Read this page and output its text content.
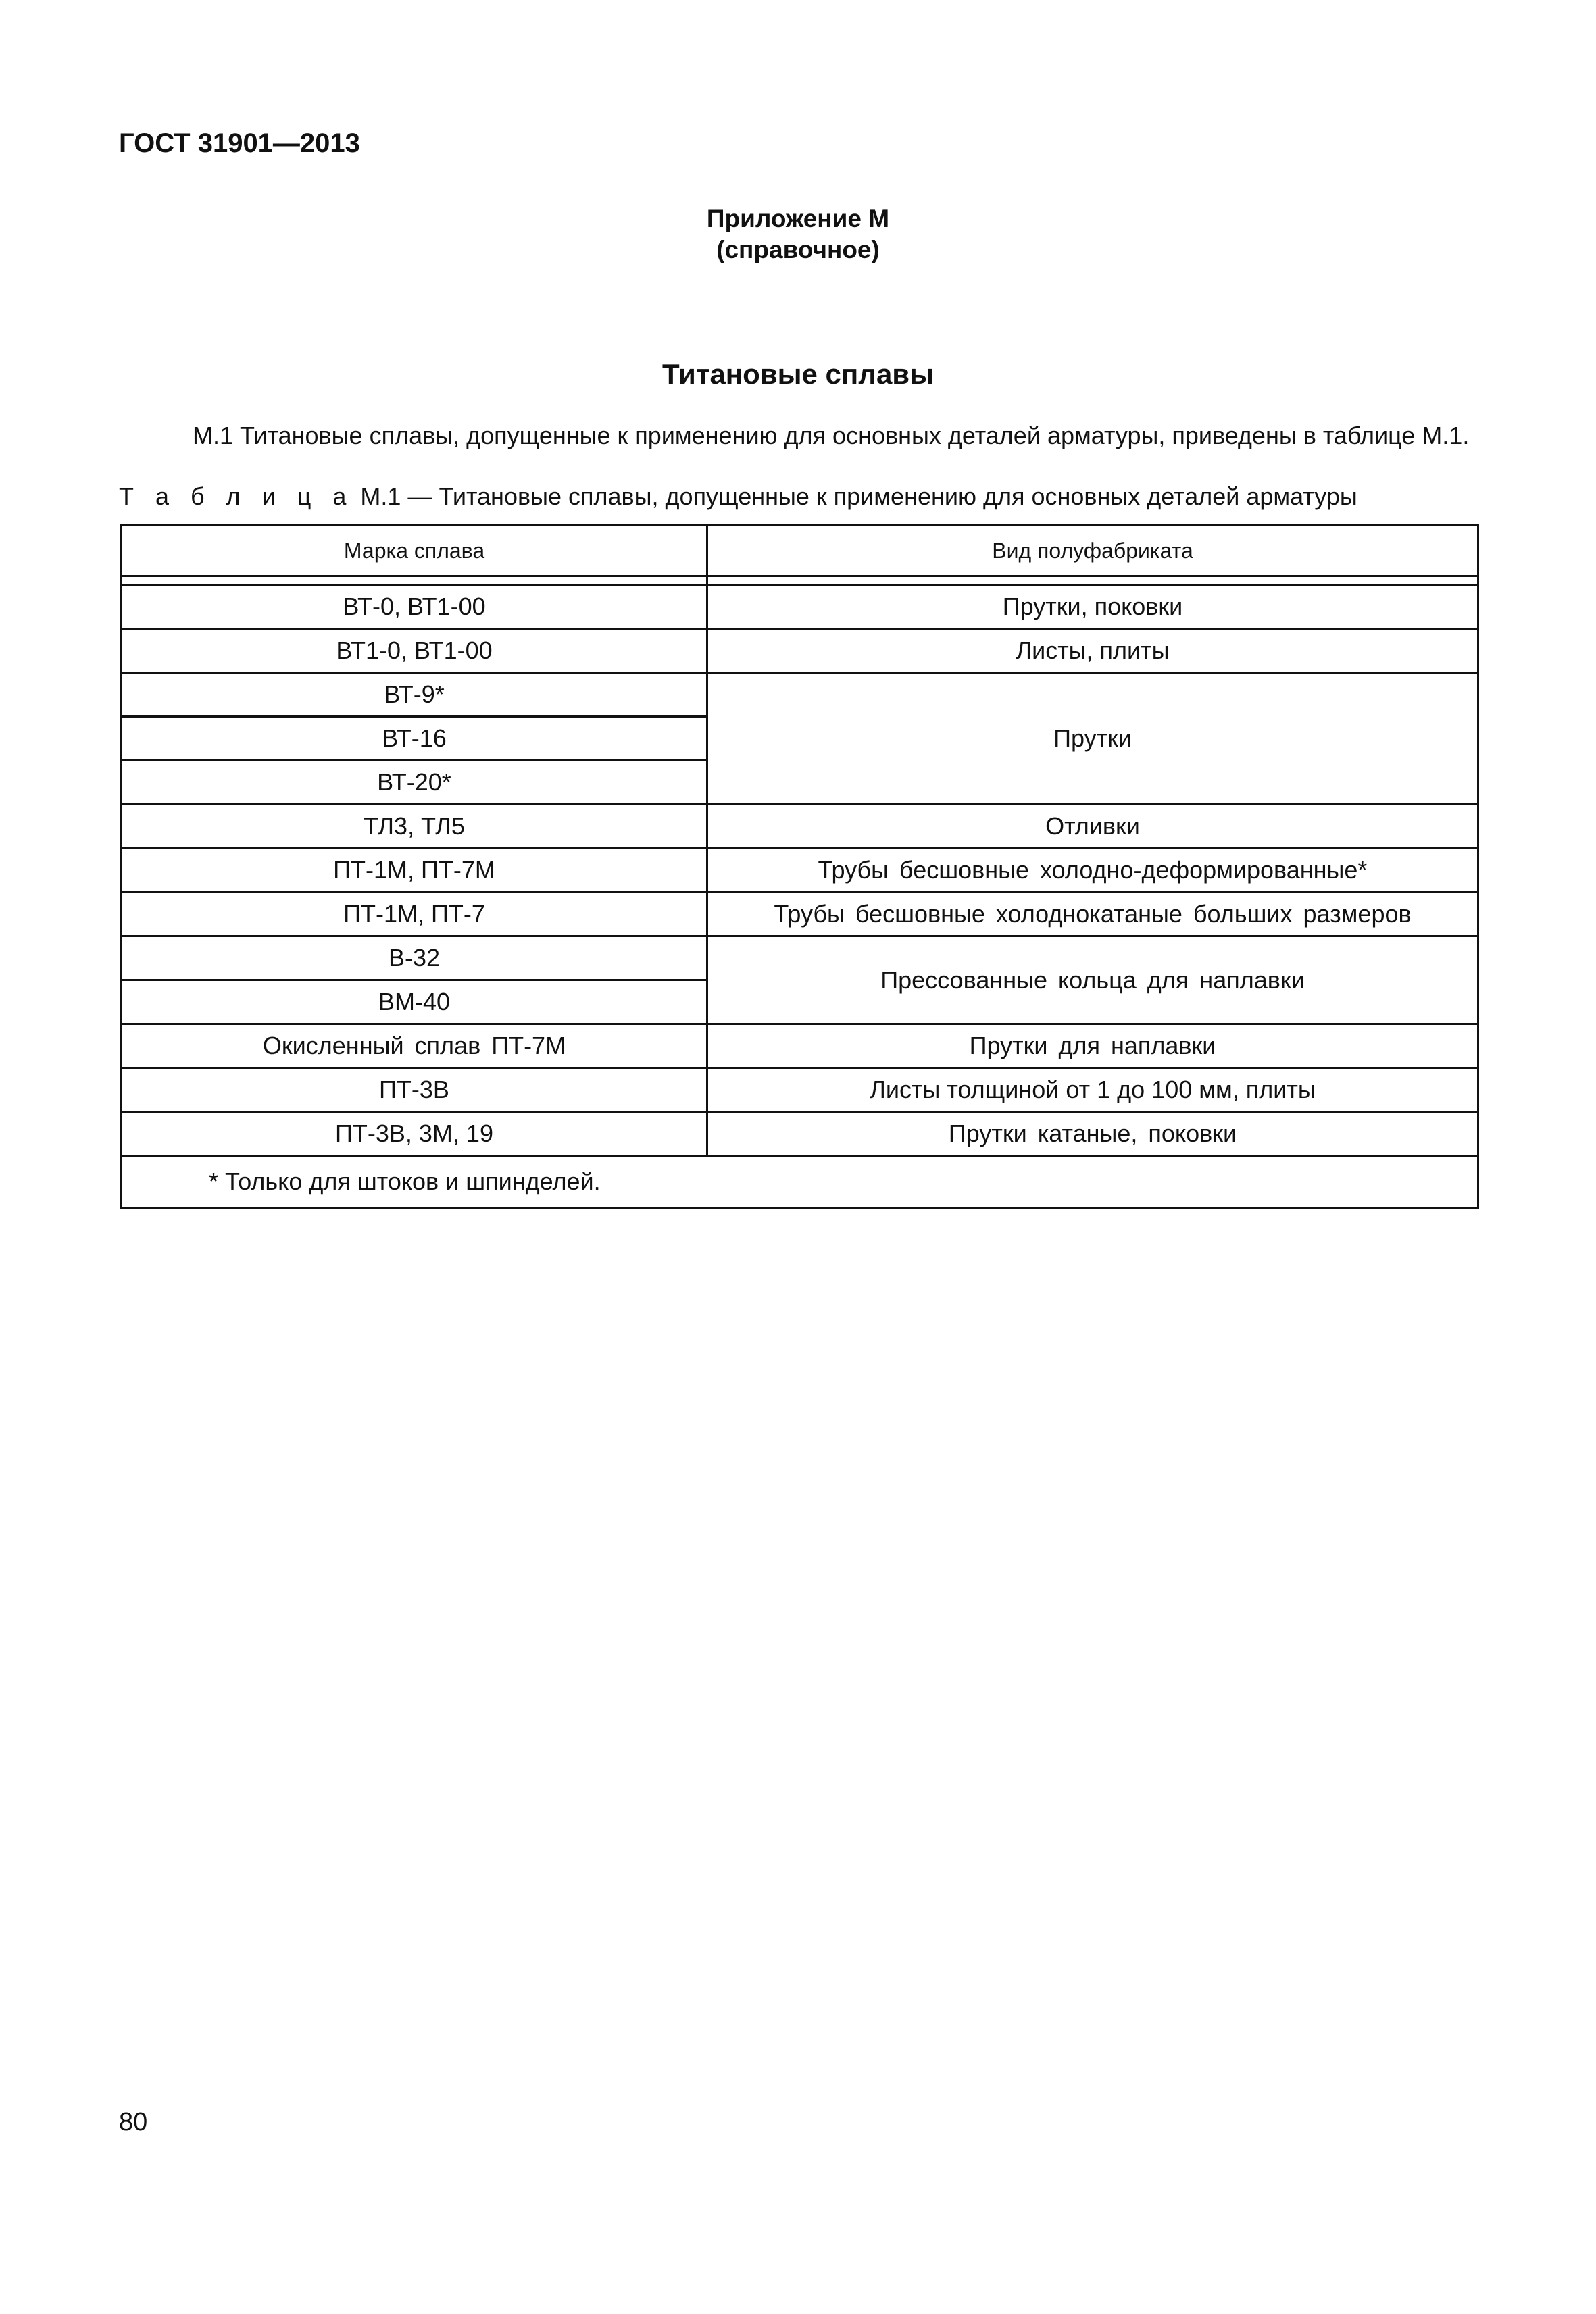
ГОСТ 31901—2013
Приложение М
(справочное)
Титановые сплавы
М.1 Титановые сплавы, допущенные к применению для основных деталей арматуры, приведены в таблице М.1.
Т а б л и ц а М.1 — Титановые сплавы, допущенные к применению для основных деталей арматуры
Марка сплава	Вид полуфабриката

ВТ-0, ВТ1-00	Прутки, поковки
ВТ1-0, ВТ1-00	Листы, плиты
ВТ-9*	Прутки
ВТ-16	
ВТ-20*	
ТЛ3, ТЛ5	Отливки
ПТ-1М, ПТ-7М	Трубы бесшовные холодно-деформированные*
ПТ-1М, ПТ-7	Трубы бесшовные холоднокатаные больших размеров
В-32	Прессованные кольца для наплавки
ВМ-40	
Окисленный сплав ПТ-7М	Прутки для наплавки
ПТ-3В	Листы толщиной от 1 до 100 мм, плиты
ПТ-3В, 3М, 19	Прутки катаные, поковки
* Только для штоков и шпинделей.	
80
